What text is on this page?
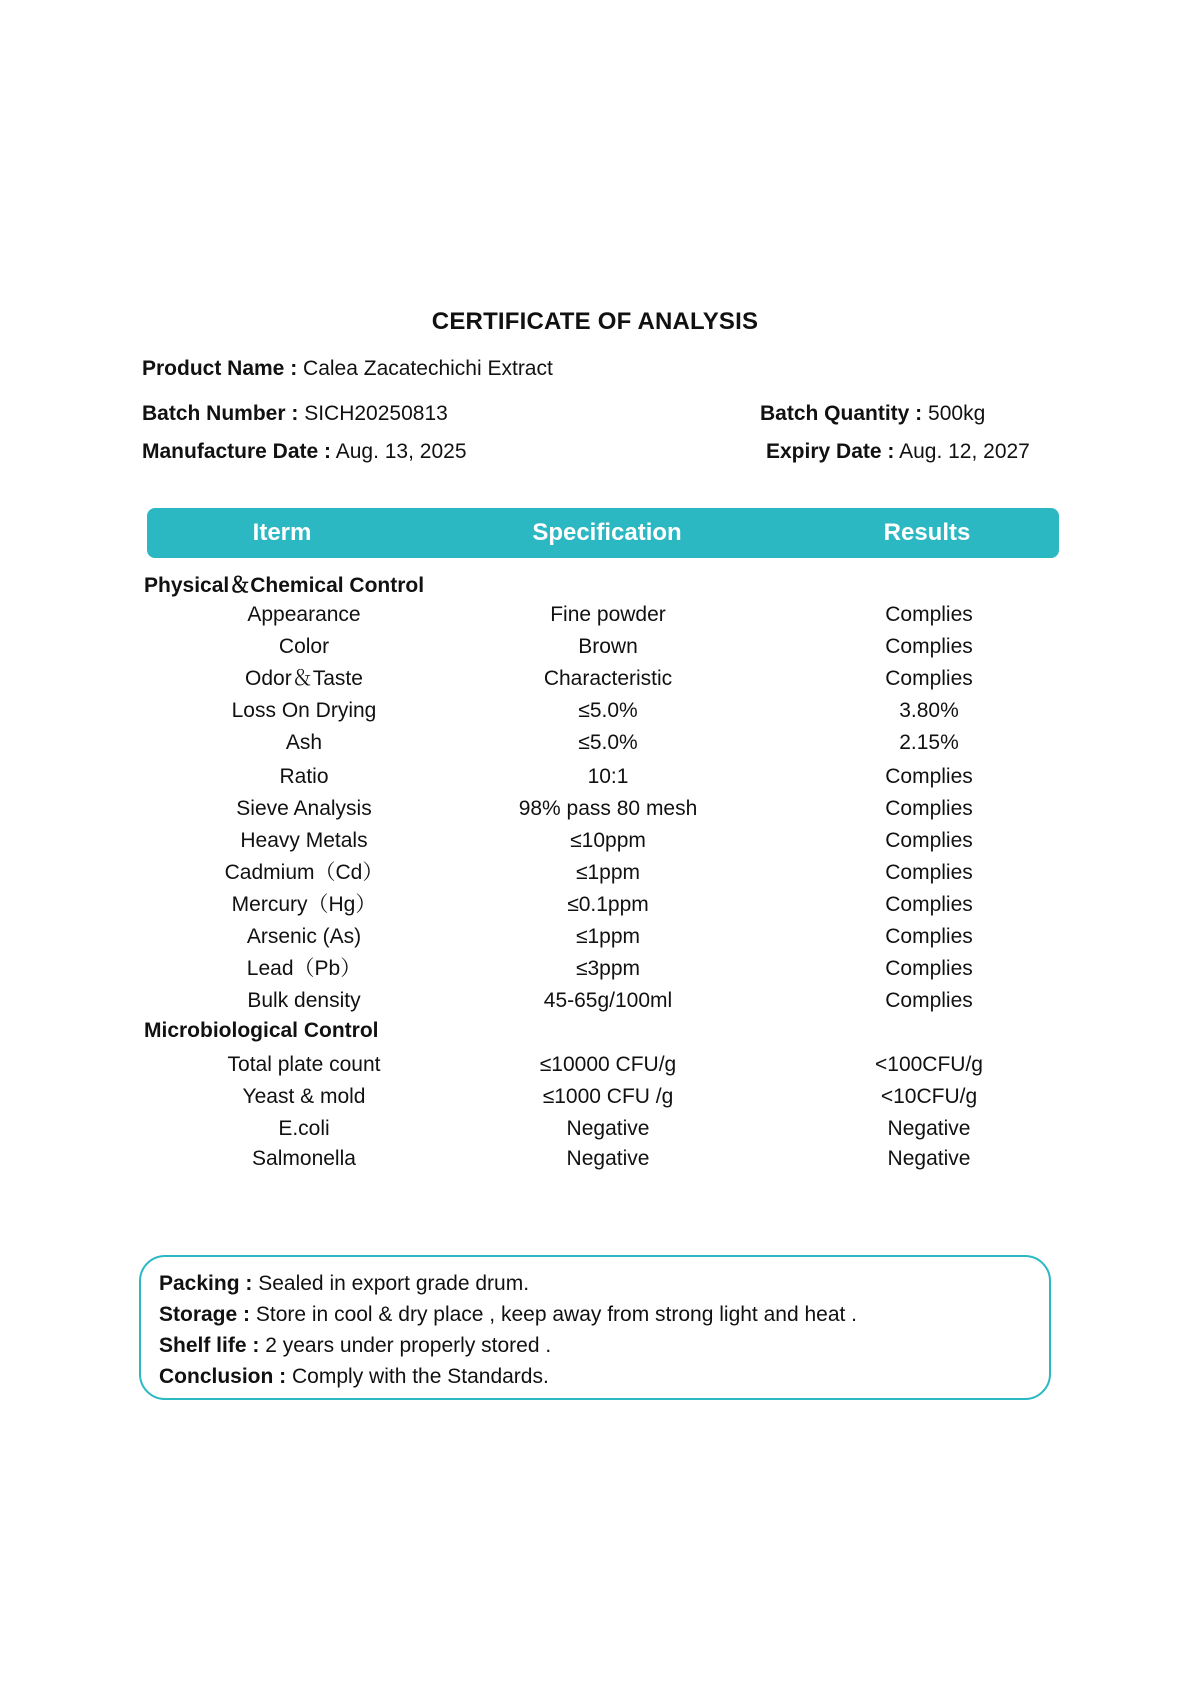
CERTIFICATE OF ANALYSIS
Product Name : Calea Zacatechichi Extract
Batch Number : SICH20250813	Batch Quantity : 500kg
Manufacture Date : Aug. 13, 2025	Expiry Date : Aug. 12, 2027
Iterm	Specification	Results
Physical＆Chemical Control
Appearance	Fine powder	Complies
Color	Brown	Complies
Odor＆Taste	Characteristic	Complies
Loss On Drying	≤5.0%	3.80%
Ash	≤5.0%	2.15%
Ratio	10:1	Complies
Sieve Analysis	98% pass 80 mesh	Complies
Heavy Metals	≤10ppm	Complies
Cadmium（Cd）	≤1ppm	Complies
Mercury（Hg）	≤0.1ppm	Complies
Arsenic (As)	≤1ppm	Complies
Lead（Pb）	≤3ppm	Complies
Bulk density	45-65g/100ml	Complies
Microbiological Control
Total plate count	≤10000 CFU/g	<100CFU/g
Yeast & mold	≤1000 CFU /g	<10CFU/g
E.coli	Negative	Negative
Salmonella	Negative	Negative
Packing : Sealed in export grade drum.
Storage : Store in cool & dry place , keep away from strong light and heat .
Shelf life : 2 years under properly stored .
Conclusion : Comply with the Standards.
